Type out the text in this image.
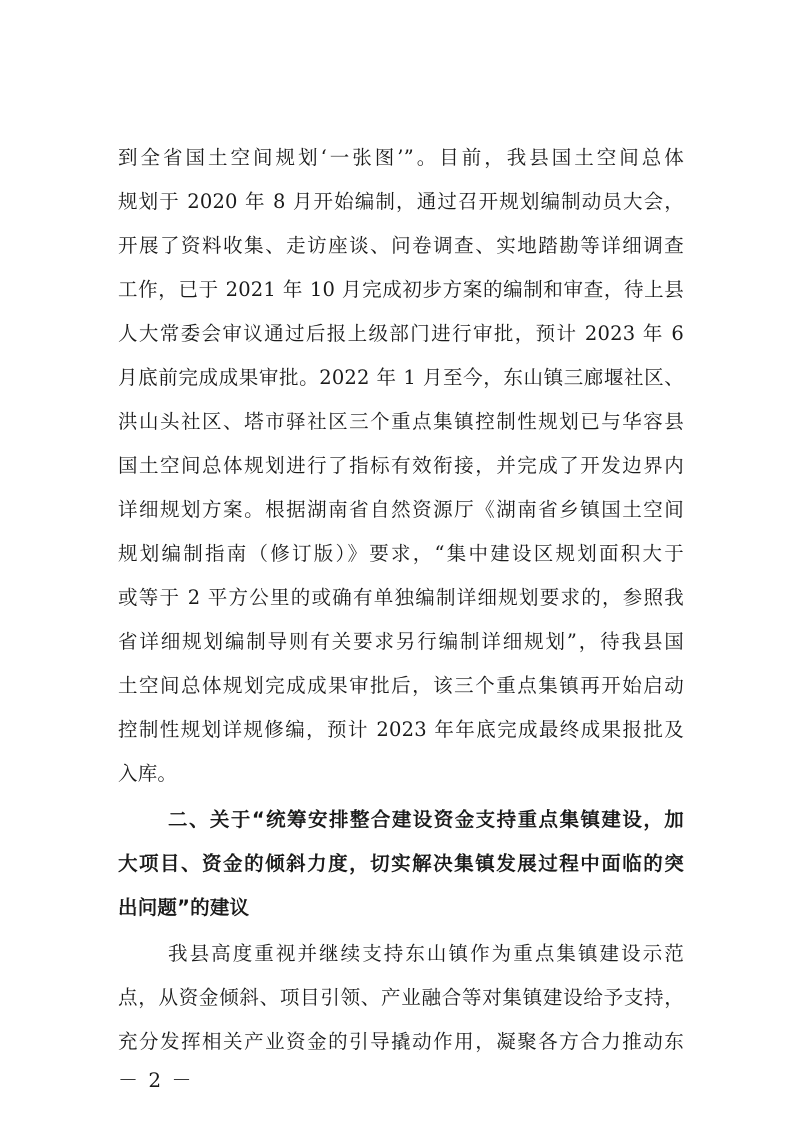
到全省国土空间规划‘一张图’”。目前，我县国土空间总体
规划于 2020 年 8 月开始编制，通过召开规划编制动员大会，
开展了资料收集、走访座谈、问卷调查、实地踏勘等详细调查
工作，已于 2021 年 10 月完成初步方案的编制和审查，待上县
人大常委会审议通过后报上级部门进行审批，预计 2023 年 6
月底前完成成果审批。2022 年 1 月至今，东山镇三廊堰社区、
洪山头社区、塔市驿社区三个重点集镇控制性规划已与华容县
国土空间总体规划进行了指标有效衔接，并完成了开发边界内
详细规划方案。根据湖南省自然资源厅《湖南省乡镇国土空间
规划编制指南（修订版）》要求，“集中建设区规划面积大于
或等于 2 平方公里的或确有单独编制详细规划要求的，参照我
省详细规划编制导则有关要求另行编制详细规划”，待我县国
土空间总体规划完成成果审批后，该三个重点集镇再开始启动
控制性规划详规修编，预计 2023 年年底完成最终成果报批及
入库。
二、关于“统筹安排整合建设资金支持重点集镇建设，加
大项目、资金的倾斜力度，切实解决集镇发展过程中面临的突
出问题”的建议
我县高度重视并继续支持东山镇作为重点集镇建设示范
点，从资金倾斜、项目引领、产业融合等对集镇建设给予支持，
充分发挥相关产业资金的引导撬动作用，凝聚各方合力推动东
－ 2 －
